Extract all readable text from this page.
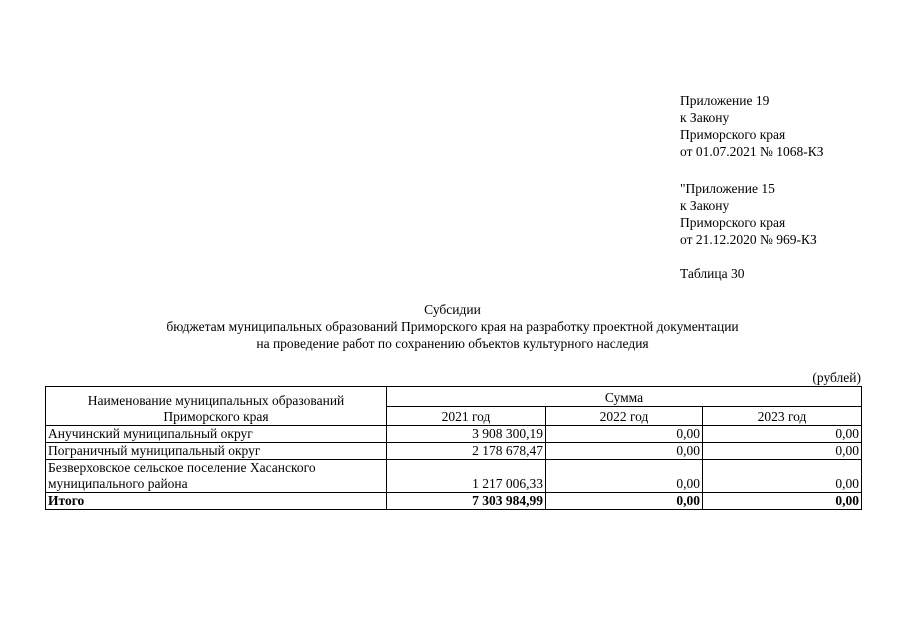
Приложение 19
к Закону
Приморского края
от 01.07.2021 № 1068-КЗ
"Приложение 15
к Закону
Приморского края
от 21.12.2020 № 969-КЗ
Таблица 30
Субсидии
бюджетам муниципальных образований Приморского края на разработку проектной документации
на проведение работ по сохранению объектов культурного наследия
(рублей)
Наименование муниципальных образований
Приморского края	Сумма		
	2021 год	2022 год	2023 год
Анучинский муниципальный округ	3 908 300,19	0,00	0,00
Пограничный муниципальный округ	2 178 678,47	0,00	0,00

Безверховское сельское поселение Хасанского
муниципального района	1 217 006,33	0,00	0,00
Итого	7 303 984,99	0,00	0,00
